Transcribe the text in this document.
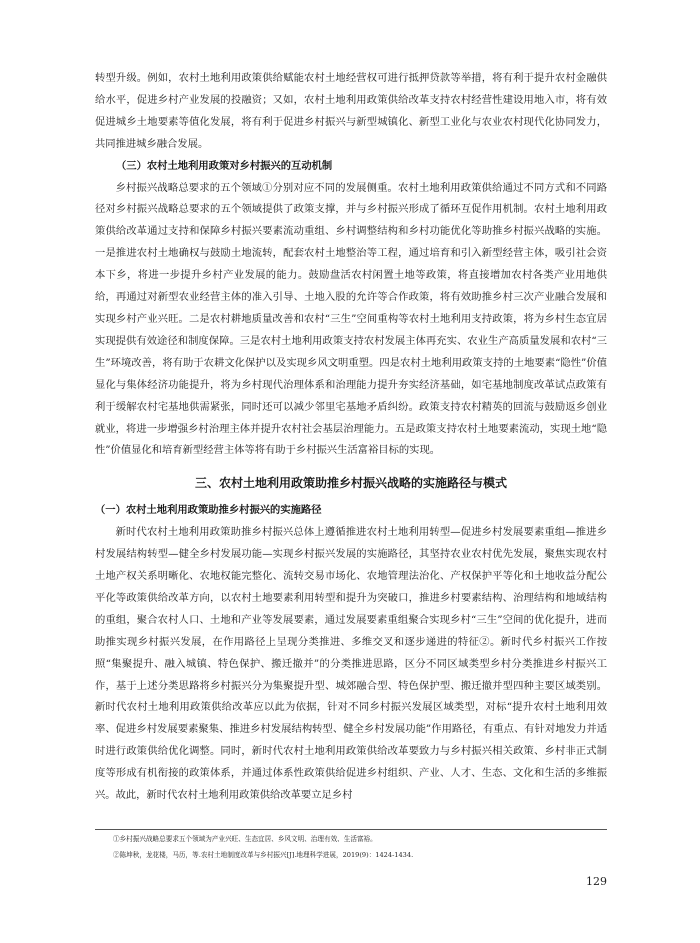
转型升级。例如，农村土地利用政策供给赋能农村土地经营权可进行抵押贷款等举措，将有利于提升农村金融供给水平，促进乡村产业发展的投融资；又如，农村土地利用政策供给改革支持农村经营性建设用地入市，将有效促进城乡土地要素等值化发展，将有利于促进乡村振兴与新型城镇化、新型工业化与农业农村现代化协同发力，共同推进城乡融合发展。

（三）农村土地利用政策对乡村振兴的互动机制

乡村振兴战略总要求的五个领域①分别对应不同的发展侧重。农村土地利用政策供给通过不同方式和不同路径对乡村振兴战略总要求的五个领域提供了政策支撑，并与乡村振兴形成了循环互促作用机制。农村土地利用政策供给改革通过支持和保障乡村振兴要素流动重组、乡村调整结构和乡村功能优化等助推乡村振兴战略的实施。一是推进农村土地确权与鼓励土地流转，配套农村土地整治等工程，通过培育和引入新型经营主体，吸引社会资本下乡，将进一步提升乡村产业发展的能力。鼓励盘活农村闲置土地等政策，将直接增加农村各类产业用地供给，再通过对新型农业经营主体的准入引导、土地入股的允许等合作政策，将有效助推乡村三次产业融合发展和实现乡村产业兴旺。二是农村耕地质量改善和农村“三生”空间重构等农村土地利用支持政策，将为乡村生态宜居实现提供有效途径和制度保障。三是农村土地利用政策支持农村发展主体再充实、农业生产高质量发展和农村“三生”环境改善，将有助于农耕文化保护以及实现乡风文明重塑。四是农村土地利用政策支持的土地要素“隐性”价值显化与集体经济功能提升，将为乡村现代治理体系和治理能力提升夯实经济基础，如宅基地制度改革试点政策有利于缓解农村宅基地供需紧张，同时还可以减少邻里宅基地矛盾纠纷。政策支持农村精英的回流与鼓励返乡创业就业，将进一步增强乡村治理主体并提升农村社会基层治理能力。五是政策支持农村土地要素流动，实现土地“隐性”价值显化和培育新型经营主体等将有助于乡村振兴生活富裕目标的实现。

三、农村土地利用政策助推乡村振兴战略的实施路径与模式

（一）农村土地利用政策助推乡村振兴的实施路径

新时代农村土地利用政策助推乡村振兴总体上遵循推进农村土地利用转型—促进乡村发展要素重组—推进乡村发展结构转型—健全乡村发展功能—实现乡村振兴发展的实施路径，其坚持农业农村优先发展，聚焦实现农村土地产权关系明晰化、农地权能完整化、流转交易市场化、农地管理法治化、产权保护平等化和土地收益分配公平化等政策供给改革方向，以农村土地要素利用转型和提升为突破口，推进乡村要素结构、治理结构和地域结构的重组，聚合农村人口、土地和产业等发展要素，通过发展要素重组聚合实现乡村“三生”空间的优化提升，进而助推实现乡村振兴发展，在作用路径上呈现分类推进、多维交叉和逐步递进的特征②。新时代乡村振兴工作按照“集聚提升、融入城镇、特色保护、搬迁撤并”的分类推进思路，区分不同区域类型乡村分类推进乡村振兴工作，基于上述分类思路将乡村振兴分为集聚提升型、城郊融合型、特色保护型、搬迁撤并型四种主要区域类别。新时代农村土地利用政策供给改革应以此为依据，针对不同乡村振兴发展区域类型，对标“提升农村土地利用效率、促进乡村发展要素聚集、推进乡村发展结构转型、健全乡村发展功能”作用路径，有重点、有针对地发力并适时进行政策供给优化调整。同时，新时代农村土地利用政策供给改革要致力与乡村振兴相关政策、乡村非正式制度等形成有机衔接的政策体系，并通过体系性政策供给促进乡村组织、产业、人才、生态、文化和生活的多维振兴。故此，新时代农村土地利用政策供给改革要立足乡村

①乡村振兴战略总要求五个领域为产业兴旺、生态宜居、乡风文明、治理有效、生活富裕。

②陈坤秋，龙花楼，马历，等.农村土地制度改革与乡村振兴[J].地理科学进展，2019(9)：1424-1434.

129
